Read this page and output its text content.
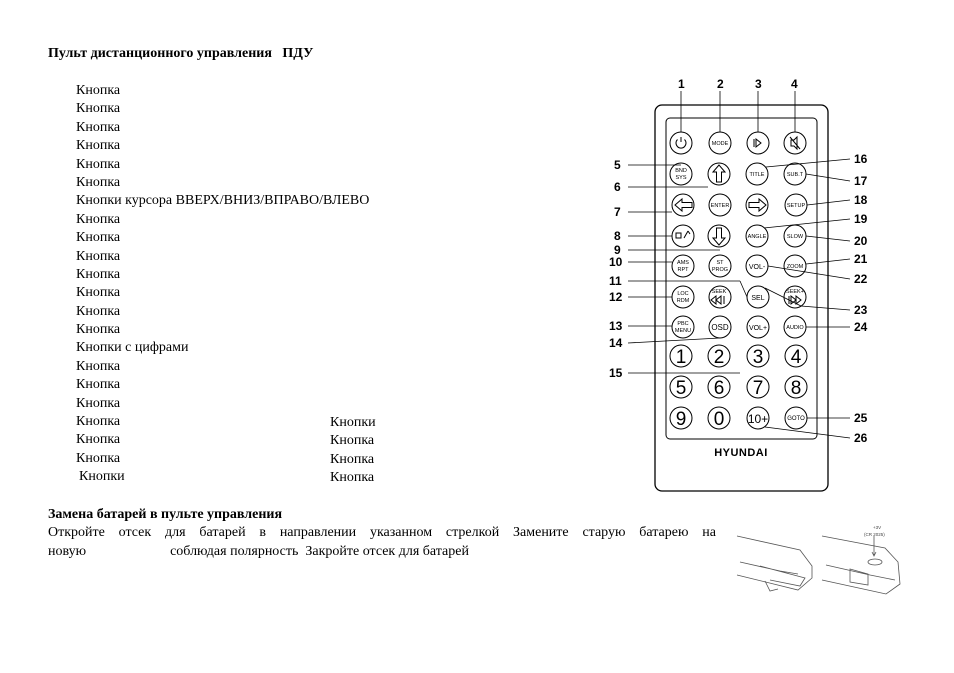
Пульт дистанционного управления   ПДУ
Кнопка
Кнопка
Кнопка
Кнопка
Кнопка
Кнопка
Кнопки курсора ВВЕРХ/ВНИЗ/ВПРАВО/ВЛЕВО
Кнопка
Кнопка
Кнопка
Кнопка
Кнопка
Кнопка
Кнопка
Кнопки с цифрами
Кнопка
Кнопка
Кнопка
Кнопка
Кнопка
Кнопка
Кнопки
Кнопки
Кнопка
Кнопка
Кнопка
Замена батарей в пульте управления
Откройте отсек для батарей в направлении указанном стрелкой Замените старую батарею на
новую                        соблюдая полярность  Закройте отсек для батарей
MODE
BND
SYS	TITLE	SUB.T
ENTER	SETUP
ANGLE	SLOW
AMS
RPT
ST
PROG	VOL-	ZOOM
LOC
RDM
SEEK
SEL
SEEK+
PBC
MENU	OSD	VOL+	AUDIO
1 2 3 4
5 6 7 8
9 0 10+	GOTO
HYUNDAI
1	2	3 4
5
6
7
8
9
10
11
12
13
14
15
16
17
18
19
20
21
22
23
24
25
26
+3V
(CR 2025)
